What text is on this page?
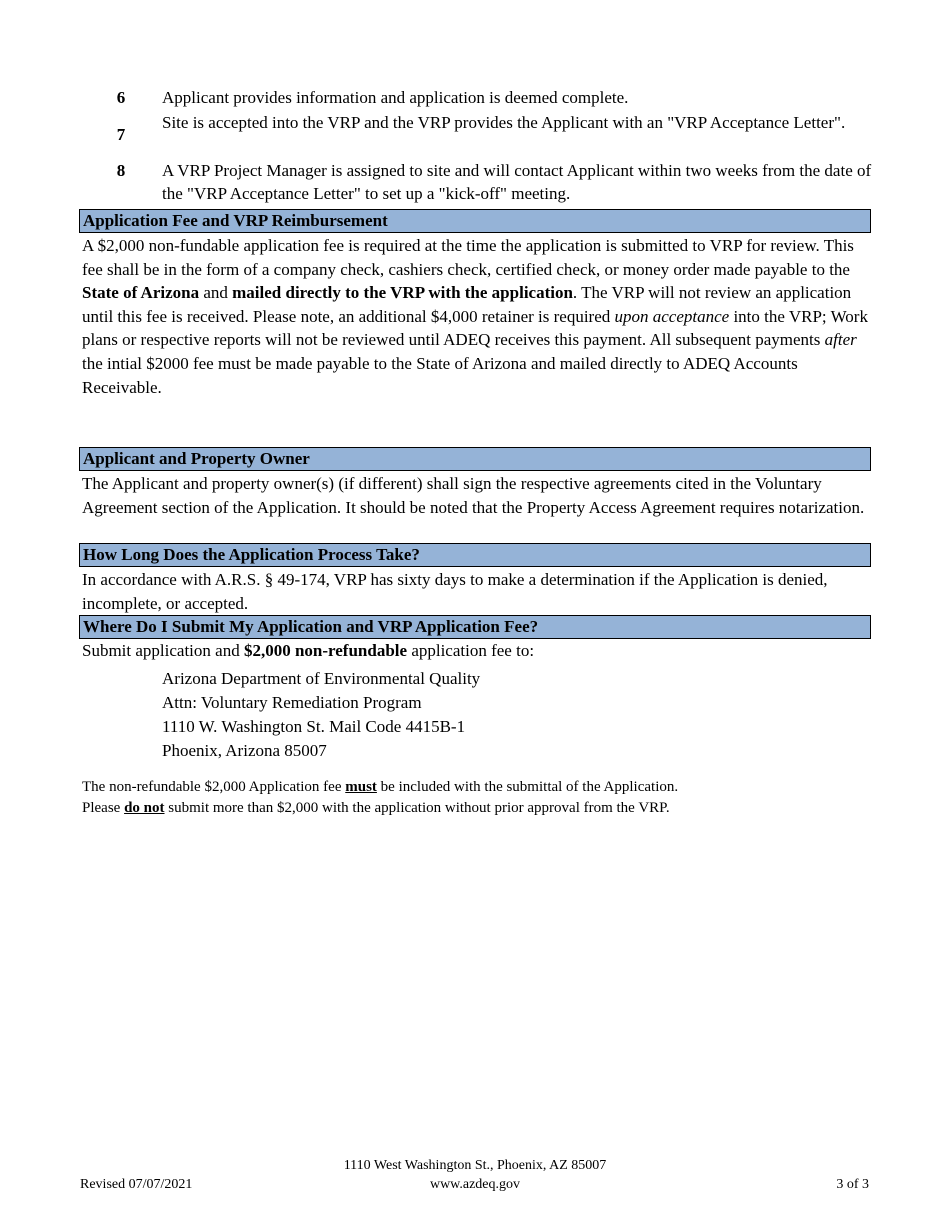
6 Applicant provides information and application is deemed complete.
7
Site is accepted into the VRP and the VRP provides the Applicant with an "VRP Acceptance Letter".
8 A VRP Project Manager is assigned to site and will contact Applicant within two weeks from the date of the "VRP Acceptance Letter" to set up a "kick-off" meeting.
Application Fee and VRP Reimbursement
A $2,000 non-fundable application fee is required at the time the application is submitted to VRP for review. This fee shall be in the form of a company check, cashiers check, certified check, or money order made payable to the State of Arizona and mailed directly to the VRP with the application. The VRP will not review an application until this fee is received. Please note, an additional $4,000 retainer is required upon acceptance into the VRP; Work plans or respective reports will not be reviewed until ADEQ receives this payment. All subsequent payments after the intial $2000 fee must be made payable to the State of Arizona and mailed directly to ADEQ Accounts Receivable.
Applicant and Property Owner
The Applicant and property owner(s) (if different) shall sign the respective agreements cited in the Voluntary Agreement section of the Application. It should be noted that the Property Access Agreement requires notarization.
How Long Does the Application Process Take?
In accordance with A.R.S. § 49-174, VRP has sixty days to make a determination if the Application is denied, incomplete, or accepted.
Where Do I Submit My Application and VRP Application Fee?
Submit application and $2,000 non-refundable application fee to:
Arizona Department of Environmental Quality
Attn: Voluntary Remediation Program
1110 W. Washington St. Mail Code 4415B-1
Phoenix, Arizona 85007
The non-refundable $2,000 Application fee must be included with the submittal of the Application.
Please do not submit more than $2,000 with the application without prior approval from the VRP.
Revised 07/07/2021
1110 West Washington St., Phoenix, AZ 85007
www.azdeq.gov	3 of 3
